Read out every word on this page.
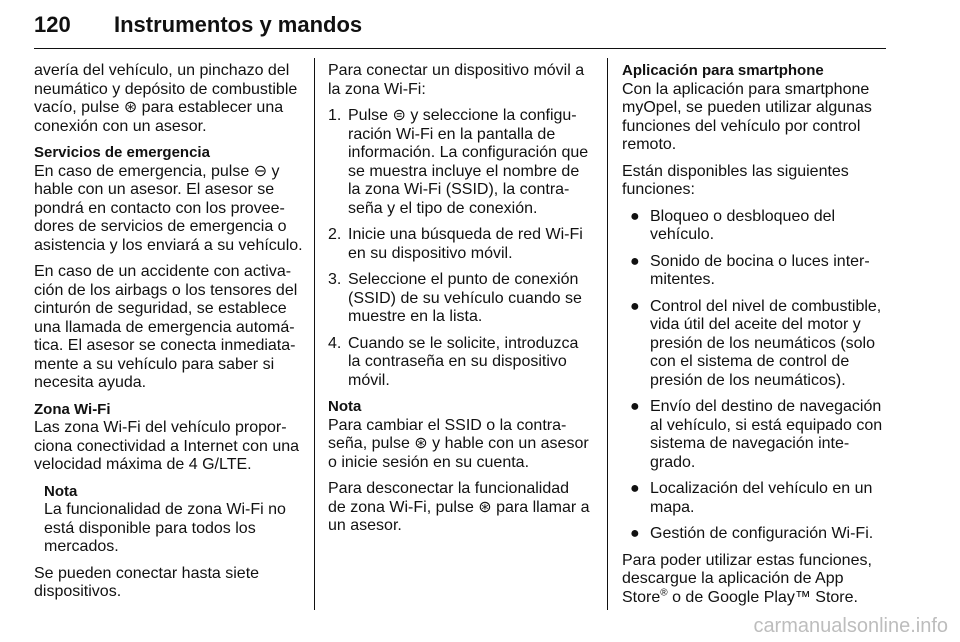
120 Instrumentos y mandos

avería del vehículo, un pinchazo del neumático y depósito de combustible vacío, pulse ⊛ para establecer una conexión con un asesor.

Servicios de emergencia

En caso de emergencia, pulse ⊖ y hable con un asesor. El asesor se pondrá en contacto con los provee-dores de servicios de emergencia o asistencia y los enviará a su vehículo.

En caso de un accidente con activa-ción de los airbags o los tensores del cinturón de seguridad, se establece una llamada de emergencia automá-tica. El asesor se conecta inmediata-mente a su vehículo para saber si necesita ayuda.

Zona Wi-Fi

Las zona Wi-Fi del vehículo propor-ciona conectividad a Internet con una velocidad máxima de 4 G/LTE.

Nota

La funcionalidad de zona Wi-Fi no está disponible para todos los mercados.

Se pueden conectar hasta siete dispositivos.

Para conectar un dispositivo móvil a la zona Wi-Fi:

1. Pulse ⊜ y seleccione la configu-ración Wi-Fi en la pantalla de información. La configuración que se muestra incluye el nombre de la zona Wi-Fi (SSID), la contra-seña y el tipo de conexión.
2. Inicie una búsqueda de red Wi-Fi en su dispositivo móvil.
3. Seleccione el punto de conexión (SSID) de su vehículo cuando se muestre en la lista.
4. Cuando se le solicite, introduzca la contraseña en su dispositivo móvil.
Nota

Para cambiar el SSID o la contra-seña, pulse ⊛ y hable con un asesor o inicie sesión en su cuenta.

Para desconectar la funcionalidad de zona Wi-Fi, pulse ⊛ para llamar a un asesor.

Aplicación para smartphone

Con la aplicación para smartphone myOpel, se pueden utilizar algunas funciones del vehículo por control remoto.

Están disponibles las siguientes funciones:

● Bloqueo o desbloqueo del vehículo.
● Sonido de bocina o luces inter-mitentes.
● Control del nivel de combustible, vida útil del aceite del motor y presión de los neumáticos (solo con el sistema de control de presión de los neumáticos).
● Envío del destino de navegación al vehículo, si está equipado con sistema de navegación inte-grado.
● Localización del vehículo en un mapa.
● Gestión de configuración Wi-Fi.

Para poder utilizar estas funciones, descargue la aplicación de App Store® o de Google Play™ Store.

carmanualsonline.info
